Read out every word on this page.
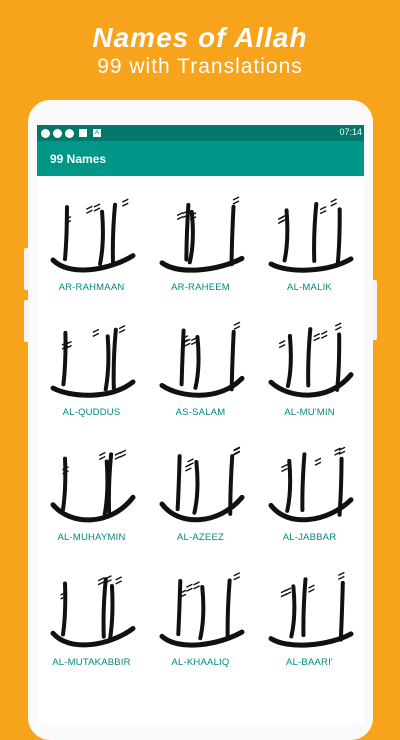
Names of Allah
99 with Translations
A	07:14
99 Names
AR-RAHMAAN	AR-RAHEEM	AL-MALIK
AL-QUDDUS	AS-SALAM	AL-MU'MIN
AL-MUHAYMIN	AL-AZEEZ	AL-JABBAR
AL-MUTAKABBIR	AL-KHAALIQ	AL-BAARI'
